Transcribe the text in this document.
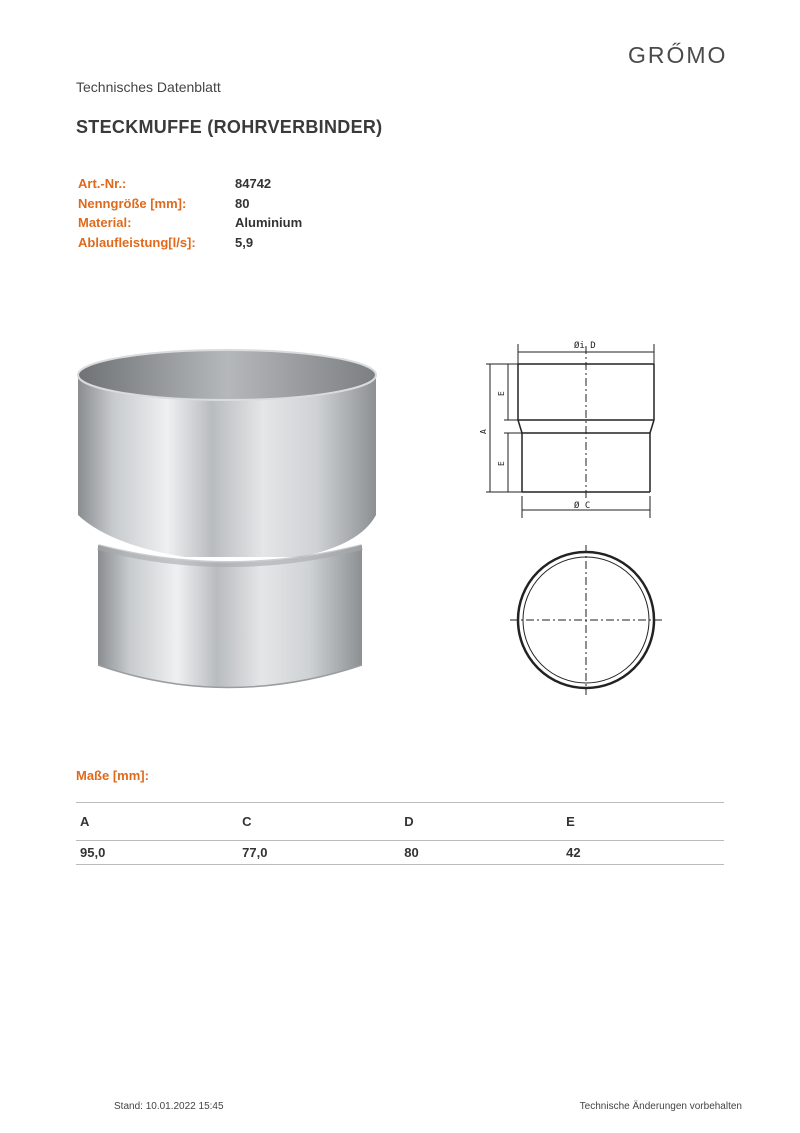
GRŐMO
Technisches Datenblatt
STECKMUFFE (ROHRVERBINDER)
Art.-Nr.:	84742
Nenngröße [mm]:	80
Material:	Aluminium
Ablaufleistung[l/s]:	5,9
Øi D
Ø C
A
E
E
Maße [mm]:
A	C	D	E
95,0	77,0	80	42
Stand: 10.01.2022 15:45	Technische Änderungen vorbehalten
